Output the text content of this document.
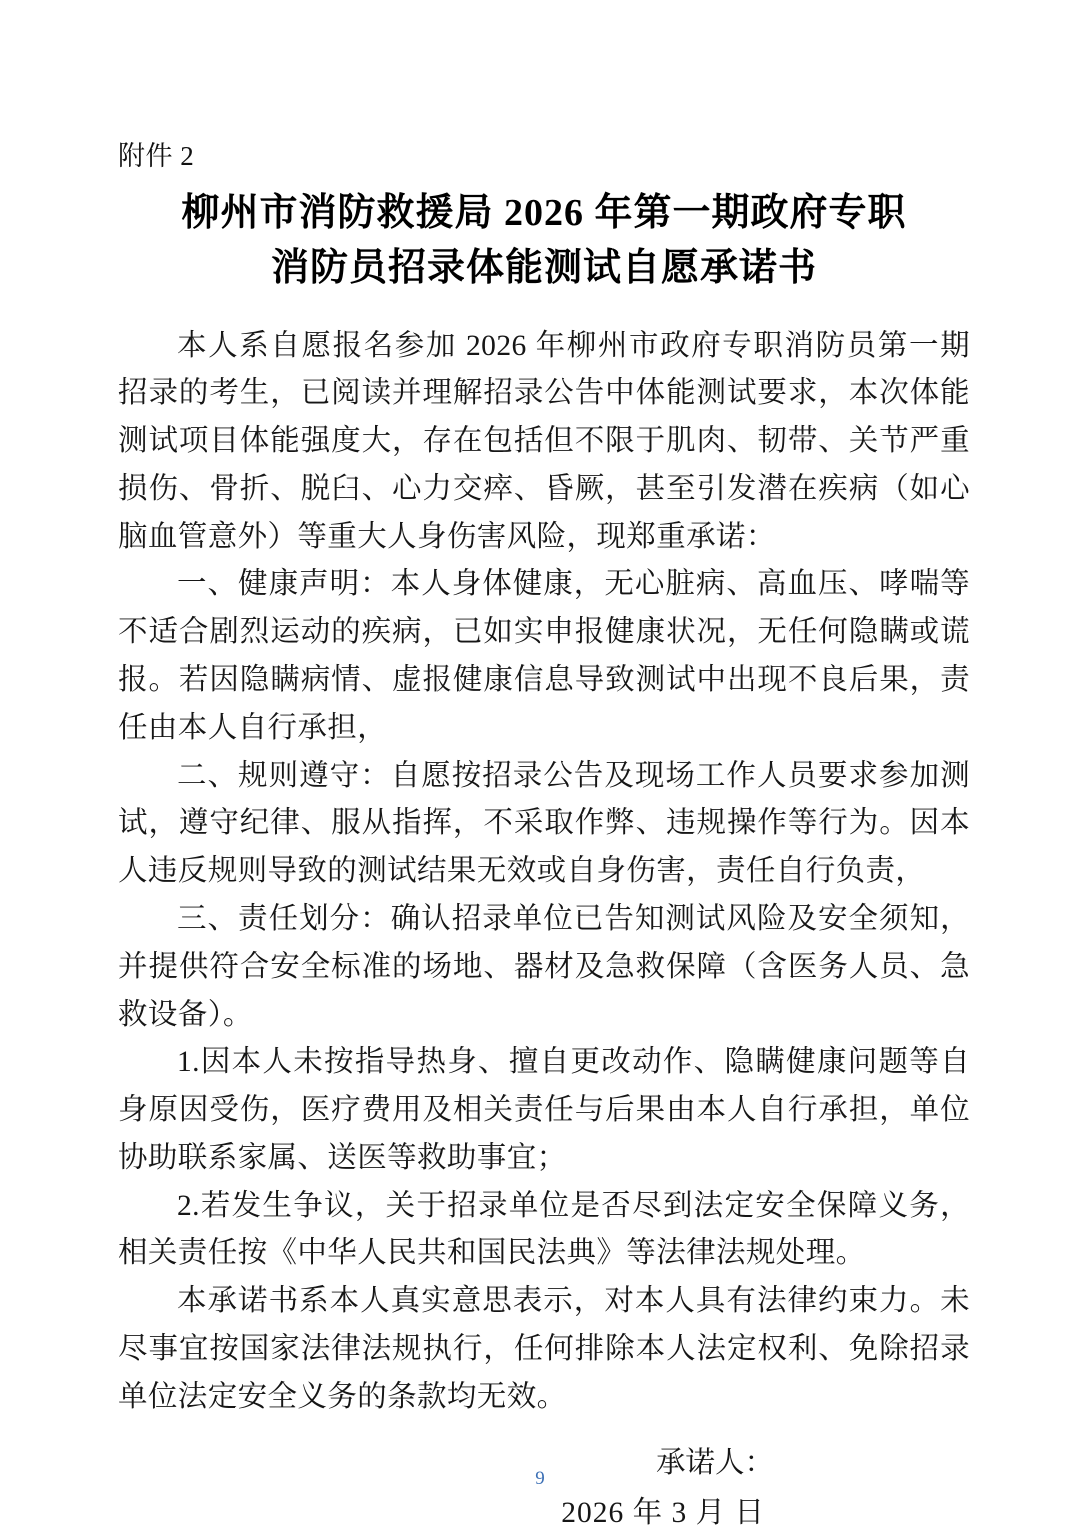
附件 2
柳州市消防救援局 2026 年第一期政府专职
消防员招录体能测试自愿承诺书

本人系自愿报名参加 2026 年柳州市政府专职消防员第一期招录的考生，已阅读并理解招录公告中体能测试要求，本次体能测试项目体能强度大，存在包括但不限于肌肉、韧带、关节严重损伤、骨折、脱臼、心力交瘁、昏厥，甚至引发潜在疾病（如心脑血管意外）等重大人身伤害风险，现郑重承诺：

一、健康声明：本人身体健康，无心脏病、高血压、哮喘等不适合剧烈运动的疾病，已如实申报健康状况，无任何隐瞒或谎报。若因隐瞒病情、虚报健康信息导致测试中出现不良后果，责任由本人自行承担，

二、规则遵守：自愿按招录公告及现场工作人员要求参加测试，遵守纪律、服从指挥，不采取作弊、违规操作等行为。因本人违反规则导致的测试结果无效或自身伤害，责任自行负责，

三、责任划分：确认招录单位已告知测试风险及安全须知，并提供符合安全标准的场地、器材及急救保障（含医务人员、急救设备）。

1.因本人未按指导热身、擅自更改动作、隐瞒健康问题等自身原因受伤，医疗费用及相关责任与后果由本人自行承担，单位协助联系家属、送医等救助事宜；

2.若发生争议，关于招录单位是否尽到法定安全保障义务，相关责任按《中华人民共和国民法典》等法律法规处理。

本承诺书系本人真实意思表示，对本人具有法律约束力。未尽事宜按国家法律法规执行，任何排除本人法定权利、免除招录单位法定安全义务的条款均无效。

承诺人：
2026 年 3 月 日
9
